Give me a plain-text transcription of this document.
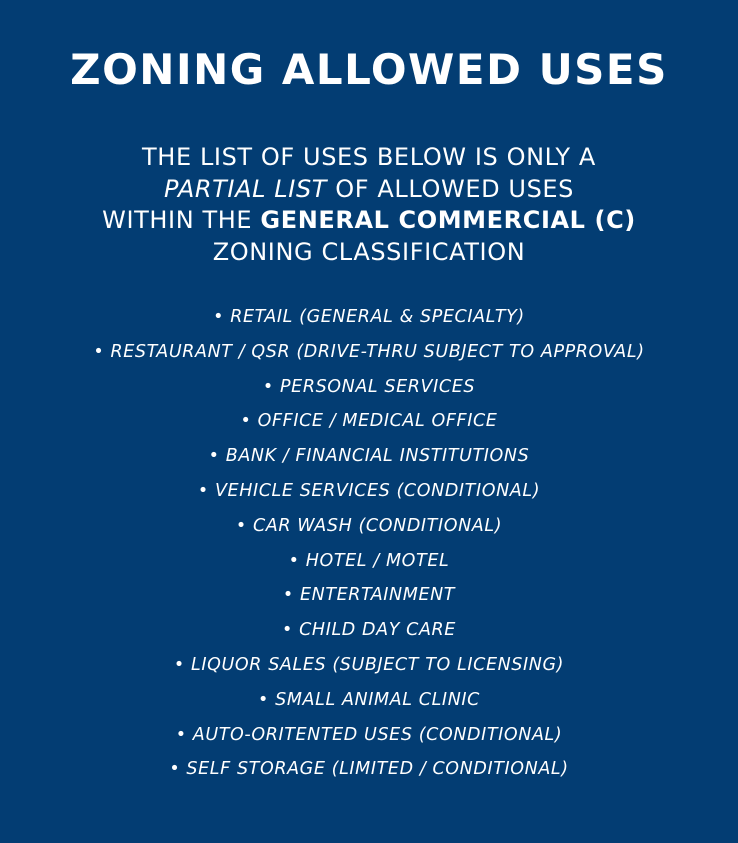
ZONING ALLOWED USES

THE LIST OF USES BELOW IS ONLY A
PARTIAL LIST OF ALLOWED USES
WITHIN THE GENERAL COMMERCIAL (C)
ZONING CLASSIFICATION

• RETAIL (GENERAL & SPECIALTY)
• RESTAURANT / QSR (DRIVE-THRU SUBJECT TO APPROVAL)
• PERSONAL SERVICES
• OFFICE / MEDICAL OFFICE
• BANK / FINANCIAL INSTITUTIONS
• VEHICLE SERVICES (CONDITIONAL)
• CAR WASH (CONDITIONAL)
• HOTEL / MOTEL
• ENTERTAINMENT
• CHILD DAY CARE
• LIQUOR SALES (SUBJECT TO LICENSING)
• SMALL ANIMAL CLINIC
• AUTO-ORITENTED USES (CONDITIONAL)
• SELF STORAGE (LIMITED / CONDITIONAL)
